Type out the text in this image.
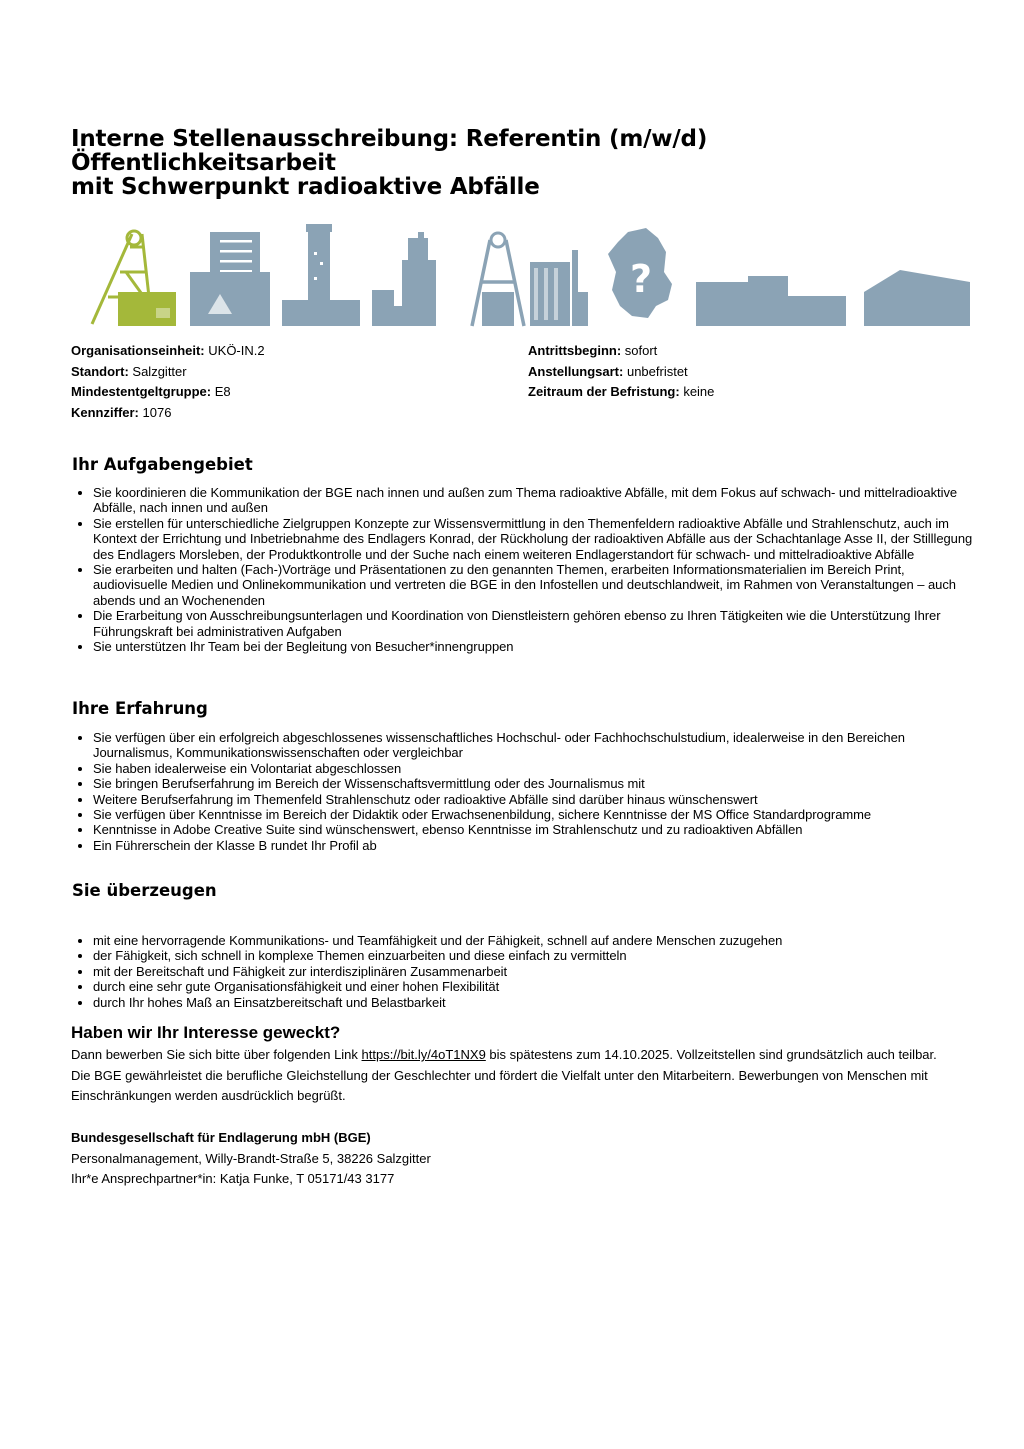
Interne Stellenausschreibung: Referentin (m/w/d) Öffentlichkeitsarbeit
mit Schwerpunkt radioaktive Abfälle
?
Organisationseinheit: UKÖ-IN.2
Standort: Salzgitter
Mindestentgeltgruppe: E8
Kennziffer: 1076
Antrittsbeginn: sofort
Anstellungsart: unbefristet
Zeitraum der Befristung: keine
Ihr Aufgabengebiet
• Sie koordinieren die Kommunikation der BGE nach innen und außen zum Thema radioaktive Abfälle, mit dem Fokus auf schwach- und mittelradioaktive Abfälle, nach innen und außen
• Sie erstellen für unterschiedliche Zielgruppen Konzepte zur Wissensvermittlung in den Themenfeldern radioaktive Abfälle und Strahlenschutz, auch im Kontext der Errichtung und Inbetriebnahme des Endlagers Konrad, der Rückholung der radioaktiven Abfälle aus der Schachtanlage Asse II, der Stilllegung des Endlagers Morsleben, der Produktkontrolle und der Suche nach einem weiteren Endlagerstandort für schwach- und mittelradioaktive Abfälle
• Sie erarbeiten und halten (Fach-)Vorträge und Präsentationen zu den genannten Themen, erarbeiten Informationsmaterialien im Bereich Print, audiovisuelle Medien und Onlinekommunikation und vertreten die BGE in den Infostellen und deutschlandweit, im Rahmen von Veranstaltungen – auch abends und an Wochenenden
• Die Erarbeitung von Ausschreibungsunterlagen und Koordination von Dienstleistern gehören ebenso zu Ihren Tätigkeiten wie die Unterstützung Ihrer Führungskraft bei administrativen Aufgaben
• Sie unterstützen Ihr Team bei der Begleitung von Besucher*innengruppen
Ihre Erfahrung
• Sie verfügen über ein erfolgreich abgeschlossenes wissenschaftliches Hochschul- oder Fachhochschulstudium, idealerweise in den Bereichen Journalismus, Kommunikationswissenschaften oder vergleichbar
• Sie haben idealerweise ein Volontariat abgeschlossen
• Sie bringen Berufserfahrung im Bereich der Wissenschaftsvermittlung oder des Journalismus mit
• Weitere Berufserfahrung im Themenfeld Strahlenschutz oder radioaktive Abfälle sind darüber hinaus wünschenswert
• Sie verfügen über Kenntnisse im Bereich der Didaktik oder Erwachsenenbildung, sichere Kenntnisse der MS Office Standardprogramme
• Kenntnisse in Adobe Creative Suite sind wünschenswert, ebenso Kenntnisse im Strahlenschutz und zu radioaktiven Abfällen
• Ein Führerschein der Klasse B rundet Ihr Profil ab
Sie überzeugen
• mit eine hervorragende Kommunikations- und Teamfähigkeit und der Fähigkeit, schnell auf andere Menschen zuzugehen
• der Fähigkeit, sich schnell in komplexe Themen einzuarbeiten und diese einfach zu vermitteln
• mit der Bereitschaft und Fähigkeit zur interdisziplinären Zusammenarbeit
• durch eine sehr gute Organisationsfähigkeit und einer hohen Flexibilität
• durch Ihr hohes Maß an Einsatzbereitschaft und Belastbarkeit
Haben wir Ihr Interesse geweckt?
Dann bewerben Sie sich bitte über folgenden Link https://bit.ly/4oT1NX9 bis spätestens zum 14.10.2025. Vollzeitstellen sind grundsätzlich auch teilbar. Die BGE gewährleistet die berufliche Gleichstellung der Geschlechter und fördert die Vielfalt unter den Mitarbeitern. Bewerbungen von Menschen mit Einschränkungen werden ausdrücklich begrüßt.
Bundesgesellschaft für Endlagerung mbH (BGE)
Personalmanagement, Willy-Brandt-Straße 5, 38226 Salzgitter
Ihr*e Ansprechpartner*in: Katja Funke, T 05171/43 3177
